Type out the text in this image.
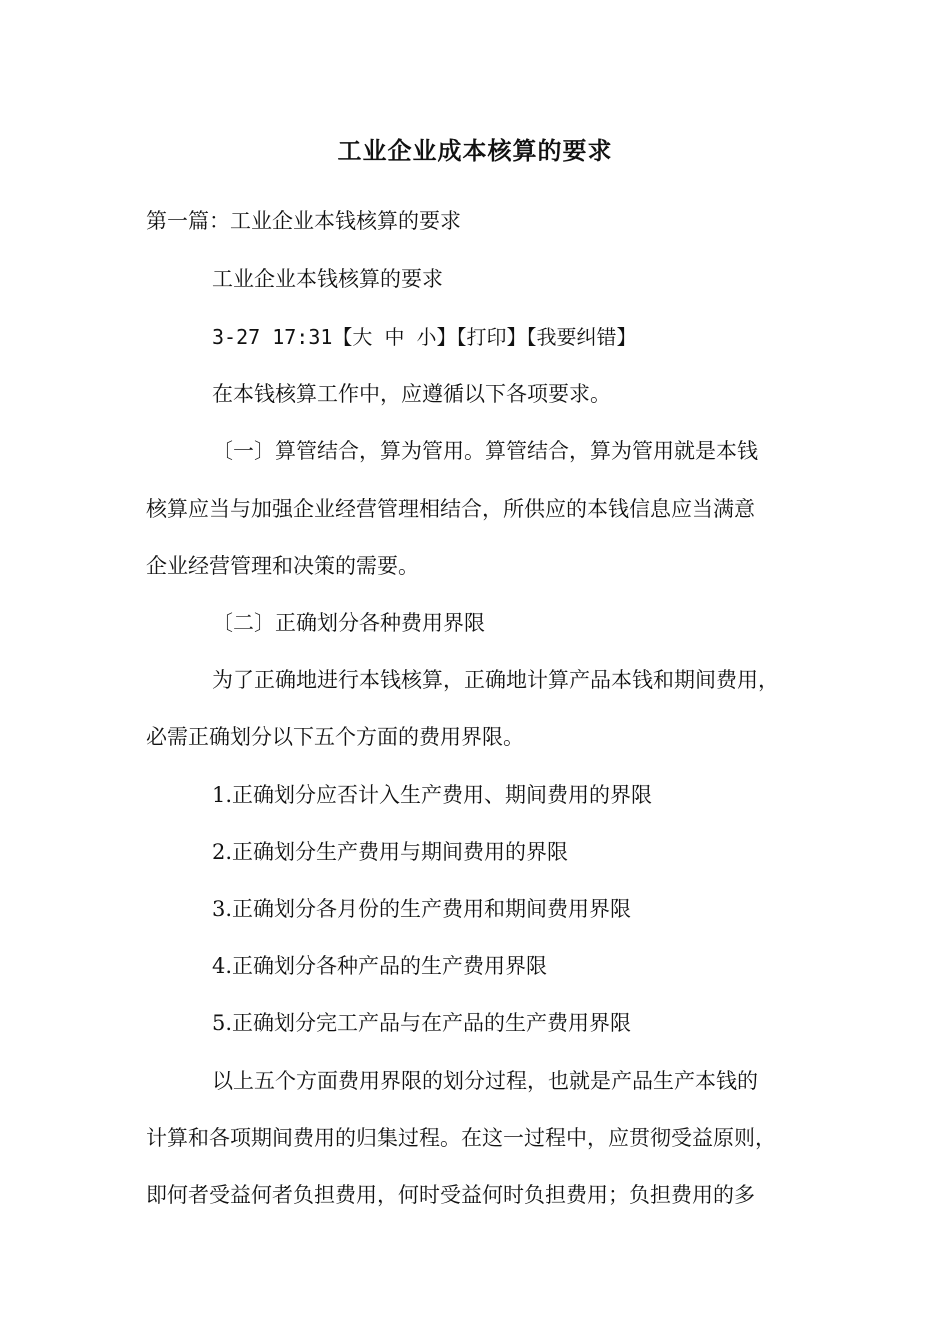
工业企业成本核算的要求
第一篇：工业企业本钱核算的要求
工业企业本钱核算的要求
3-27 17:31【大 中 小】【打印】【我要纠错】
在本钱核算工作中，应遵循以下各项要求。
〔一〕算管结合，算为管用。算管结合，算为管用就是本钱
核算应当与加强企业经营管理相结合，所供应的本钱信息应当满意
企业经营管理和决策的需要。
〔二〕正确划分各种费用界限
为了正确地进行本钱核算，正确地计算产品本钱和期间费用，
必需正确划分以下五个方面的费用界限。
1.正确划分应否计入生产费用、期间费用的界限
2.正确划分生产费用与期间费用的界限
3.正确划分各月份的生产费用和期间费用界限
4.正确划分各种产品的生产费用界限
5.正确划分完工产品与在产品的生产费用界限
以上五个方面费用界限的划分过程，也就是产品生产本钱的
计算和各项期间费用的归集过程。在这一过程中，应贯彻受益原则，
即何者受益何者负担费用，何时受益何时负担费用；负担费用的多
